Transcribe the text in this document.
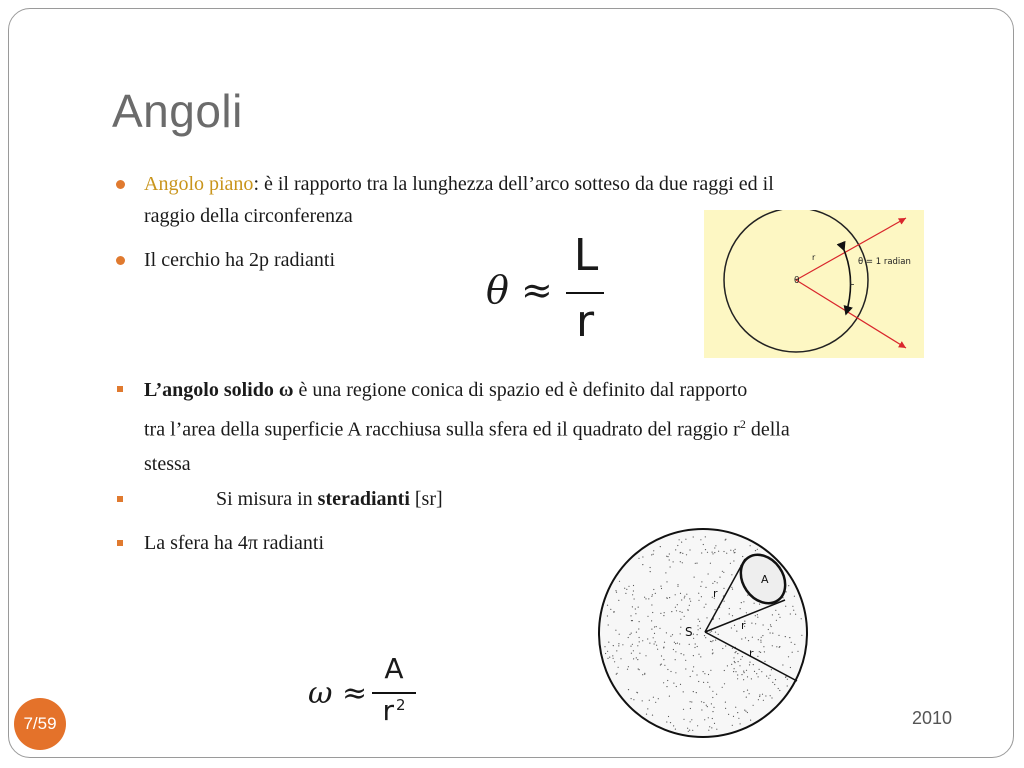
Angoli
Angolo piano: è il rapporto tra la lunghezza dell’arco sotteso da due raggi ed il
raggio della circonferenza
Il cerchio ha 2p radianti
θ ≈
L
r
θ
r
L
θ = 1 radian
L’angolo solido ω è una regione conica di spazio ed è definito dal rapporto
tra l’area della superficie A racchiusa sulla sfera ed il quadrato del raggio $r^2$ della
stessa
Si misura in steradianti [sr]
La sfera ha 4π radianti
S
A
r
r
r
ω ≈
A
r $^2$
7/59	2010
